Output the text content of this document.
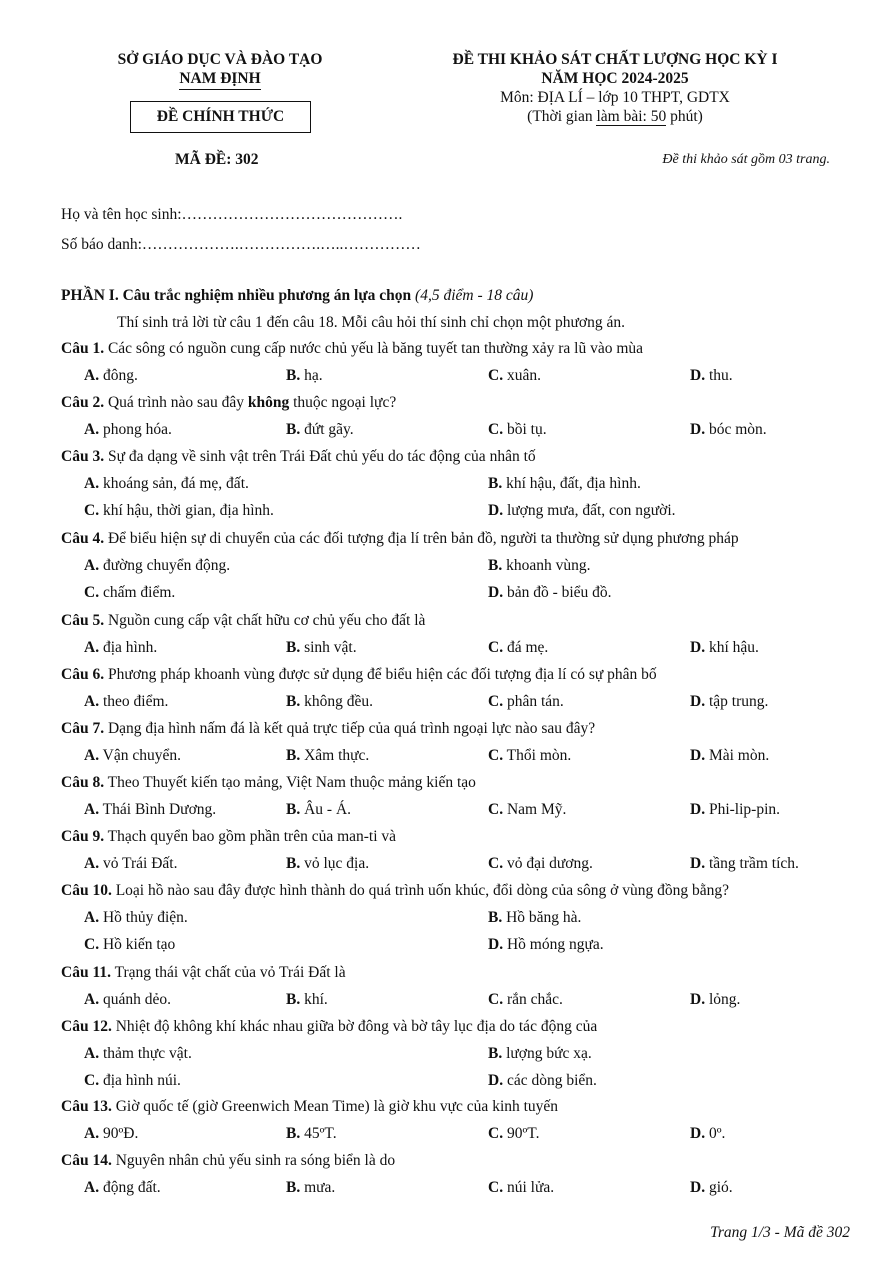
SỞ GIÁO DỤC VÀ ĐÀO TẠO
NAM ĐỊNH
ĐỀ CHÍNH THỨC
ĐỀ THI KHẢO SÁT CHẤT LƯỢNG HỌC KỲ I
NĂM HỌC 2024-2025
Môn: ĐỊA LÍ – lớp 10 THPT, GDTX
(Thời gian làm bài: 50 phút)
MÃ ĐỀ: 302	Đề thi khảo sát gồm 03 trang.
Họ và tên học sinh:…………………………………….
Số báo danh:……………….…………….…..……………
PHẦN I. Câu trắc nghiệm nhiều phương án lựa chọn (4,5 điểm - 18 câu)
Thí sinh trả lời từ câu 1 đến câu 18. Mỗi câu hỏi thí sinh chỉ chọn một phương án.
Câu 1. Các sông có nguồn cung cấp nước chủ yếu là băng tuyết tan thường xảy ra lũ vào mùa
A. đông.	B. hạ.	C. xuân.	D. thu.
Câu 2. Quá trình nào sau đây không thuộc ngoại lực?
A. phong hóa.	B. đứt gãy.	C. bồi tụ.	D. bóc mòn.
Câu 3. Sự đa dạng về sinh vật trên Trái Đất chủ yếu do tác động của nhân tố
A. khoáng sản, đá mẹ, đất.	B. khí hậu, đất, địa hình.
C. khí hậu, thời gian, địa hình.	D. lượng mưa, đất, con người.
Câu 4. Để biểu hiện sự di chuyển của các đối tượng địa lí trên bản đồ, người ta thường sử dụng phương pháp
A. đường chuyển động.	B. khoanh vùng.
C. chấm điểm.	D. bản đồ - biểu đồ.
Câu 5. Nguồn cung cấp vật chất hữu cơ chủ yếu cho đất là
A. địa hình.	B. sinh vật.	C. đá mẹ.	D. khí hậu.
Câu 6. Phương pháp khoanh vùng được sử dụng để biểu hiện các đối tượng địa lí có sự phân bố
A. theo điểm.	B. không đều.	C. phân tán.	D. tập trung.
Câu 7. Dạng địa hình nấm đá là kết quả trực tiếp của quá trình ngoại lực nào sau đây?
A. Vận chuyển.	B. Xâm thực.	C. Thổi mòn.	D. Mài mòn.
Câu 8. Theo Thuyết kiến tạo mảng, Việt Nam thuộc mảng kiến tạo
A. Thái Bình Dương.	B. Âu - Á.	C. Nam Mỹ.	D. Phi-lip-pin.
Câu 9. Thạch quyển bao gồm phần trên của man-ti và
A. vỏ Trái Đất.	B. vỏ lục địa.	C. vỏ đại dương.	D. tầng trầm tích.
Câu 10. Loại hồ nào sau đây được hình thành do quá trình uốn khúc, đổi dòng của sông ở vùng đồng bằng?
A. Hồ thủy điện.	B. Hồ băng hà.
C. Hồ kiến tạo	D. Hồ móng ngựa.
Câu 11. Trạng thái vật chất của vỏ Trái Đất là
A. quánh dẻo.	B. khí.	C. rắn chắc.	D. lỏng.
Câu 12. Nhiệt độ không khí khác nhau giữa bờ đông và bờ tây lục địa do tác động của
A. thảm thực vật.	B. lượng bức xạ.
C. địa hình núi.	D. các dòng biển.
Câu 13. Giờ quốc tế (giờ Greenwich Mean Time) là giờ khu vực của kinh tuyến
A. 90ºĐ.	B. 45ºT.	C. 90ºT.	D. 0º.
Câu 14. Nguyên nhân chủ yếu sinh ra sóng biển là do
A. động đất.	B. mưa.	C. núi lửa.	D. gió.
Trang 1/3 - Mã đề 302
